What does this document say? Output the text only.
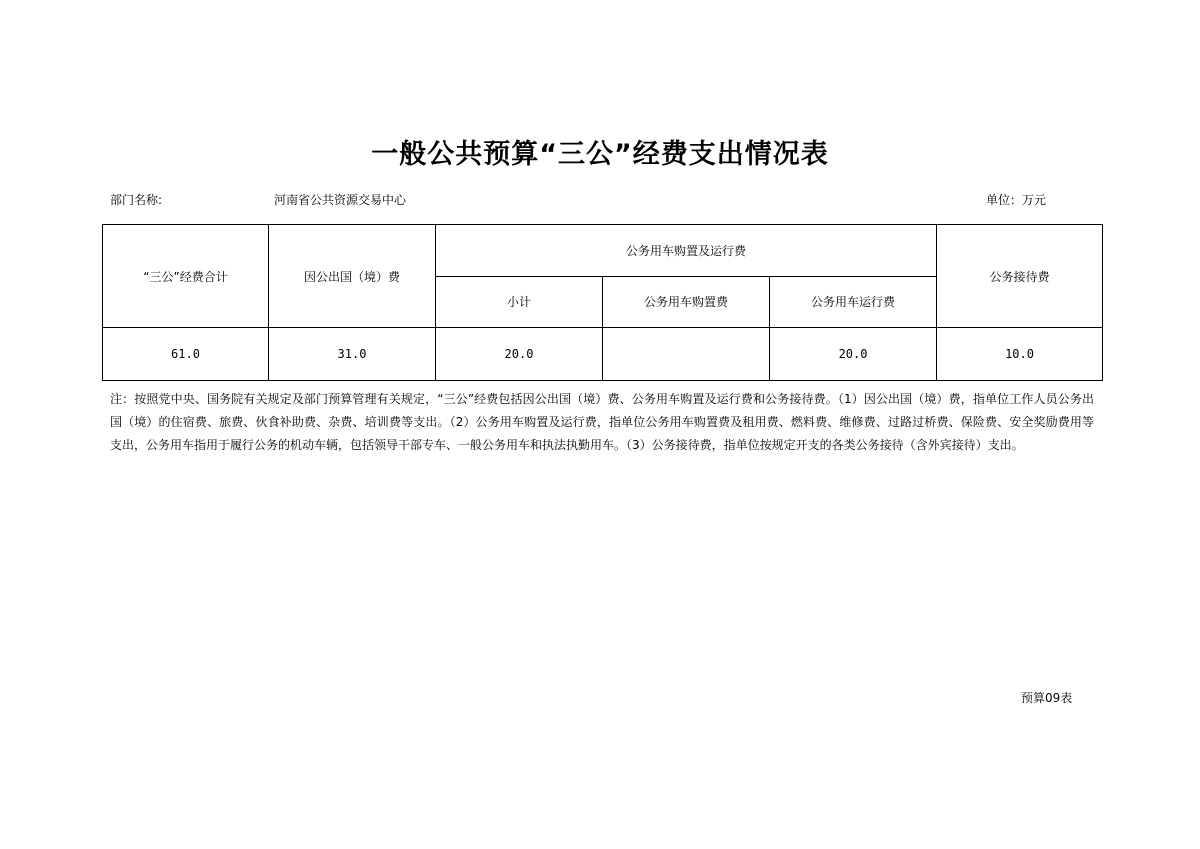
一般公共预算“三公”经费支出情况表
部门名称:	河南省公共资源交易中心	单位：万元
“三公”经费合计	因公出国（境）费	公务用车购置及运行费			公务接待费
		小计	公务用车购置费	公务用车运行费	
61.0	31.0	20.0		20.0	10.0
注：按照党中央、国务院有关规定及部门预算管理有关规定，“三公”经费包括因公出国（境）费、公务用车购置及运行费和公务接待费。（1）因公出国（境）费，指单位工作人员公务出国（境）的住宿费、旅费、伙食补助费、杂费、培训费等支出。（2）公务用车购置及运行费，指单位公务用车购置费及租用费、燃料费、维修费、过路过桥费、保险费、安全奖励费用等支出，公务用车指用于履行公务的机动车辆，包括领导干部专车、一般公务用车和执法执勤用车。（3）公务接待费，指单位按规定开支的各类公务接待（含外宾接待）支出。
预算09表
